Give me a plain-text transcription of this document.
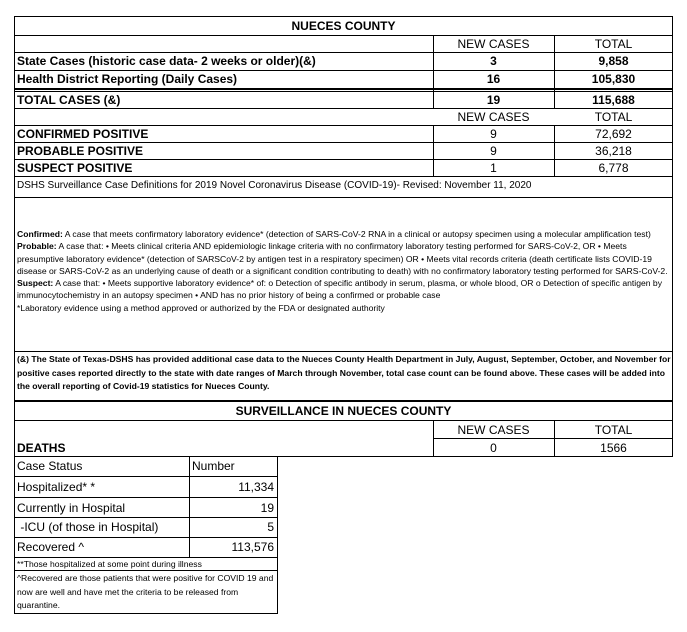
NUECES COUNTY
NEW CASES	TOTAL
State Cases (historic case data- 2 weeks or older)(&)	3	9,858
Health District Reporting (Daily Cases)	16	105,830
TOTAL CASES (&)	19	115,688
NEW CASES	TOTAL
CONFIRMED POSITIVE	9	72,692
PROBABLE POSITIVE	9	36,218
SUSPECT POSITIVE	1	6,778
DSHS Surveillance Case Definitions for 2019 Novel Coronavirus Disease (COVID-19)- Revised: November 11, 2020
Confirmed: A case that meets confirmatory laboratory evidence* (detection of SARS-CoV-2 RNA in a clinical or autopsy specimen using a molecular amplification test)
Probable: A case that: • Meets clinical criteria AND epidemiologic linkage criteria with no confirmatory laboratory testing performed for SARS-CoV-2, OR • Meets presumptive laboratory evidence* (detection of SARSCoV-2 by antigen test in a respiratory specimen) OR • Meets vital records criteria (death certificate lists COVID-19 disease or SARS-CoV-2 as an underlying cause of death or a significant condition contributing to death) with no confirmatory laboratory testing performed for SARS-CoV-2.
Suspect: A case that: • Meets supportive laboratory evidence* of: o Detection of specific antibody in serum, plasma, or whole blood, OR o Detection of specific antigen by immunocytochemistry in an autopsy specimen • AND has no prior history of being a confirmed or probable case
*Laboratory evidence using a method approved or authorized by the FDA or designated authority
(&) The State of Texas-DSHS has provided additional case data to the Nueces County Health Department in July, August, September, October, and November for positive cases reported directly to the state with date ranges of March through November, total case count can be found above. These cases will be added into the overall reporting of Covid-19 statistics for Nueces County.
SURVEILLANCE IN NUECES COUNTY
NEW CASES	TOTAL
DEATHS	0	1566
Case Status	Number
Hospitalized* *	11,334
Currently in Hospital	19
-ICU (of those in Hospital)	5
Recovered ^	113,576
**Those hospitalized at some point during illness
^Recovered are those patients that were positive for COVID 19 and now are well and have met the criteria to be released from quarantine.
